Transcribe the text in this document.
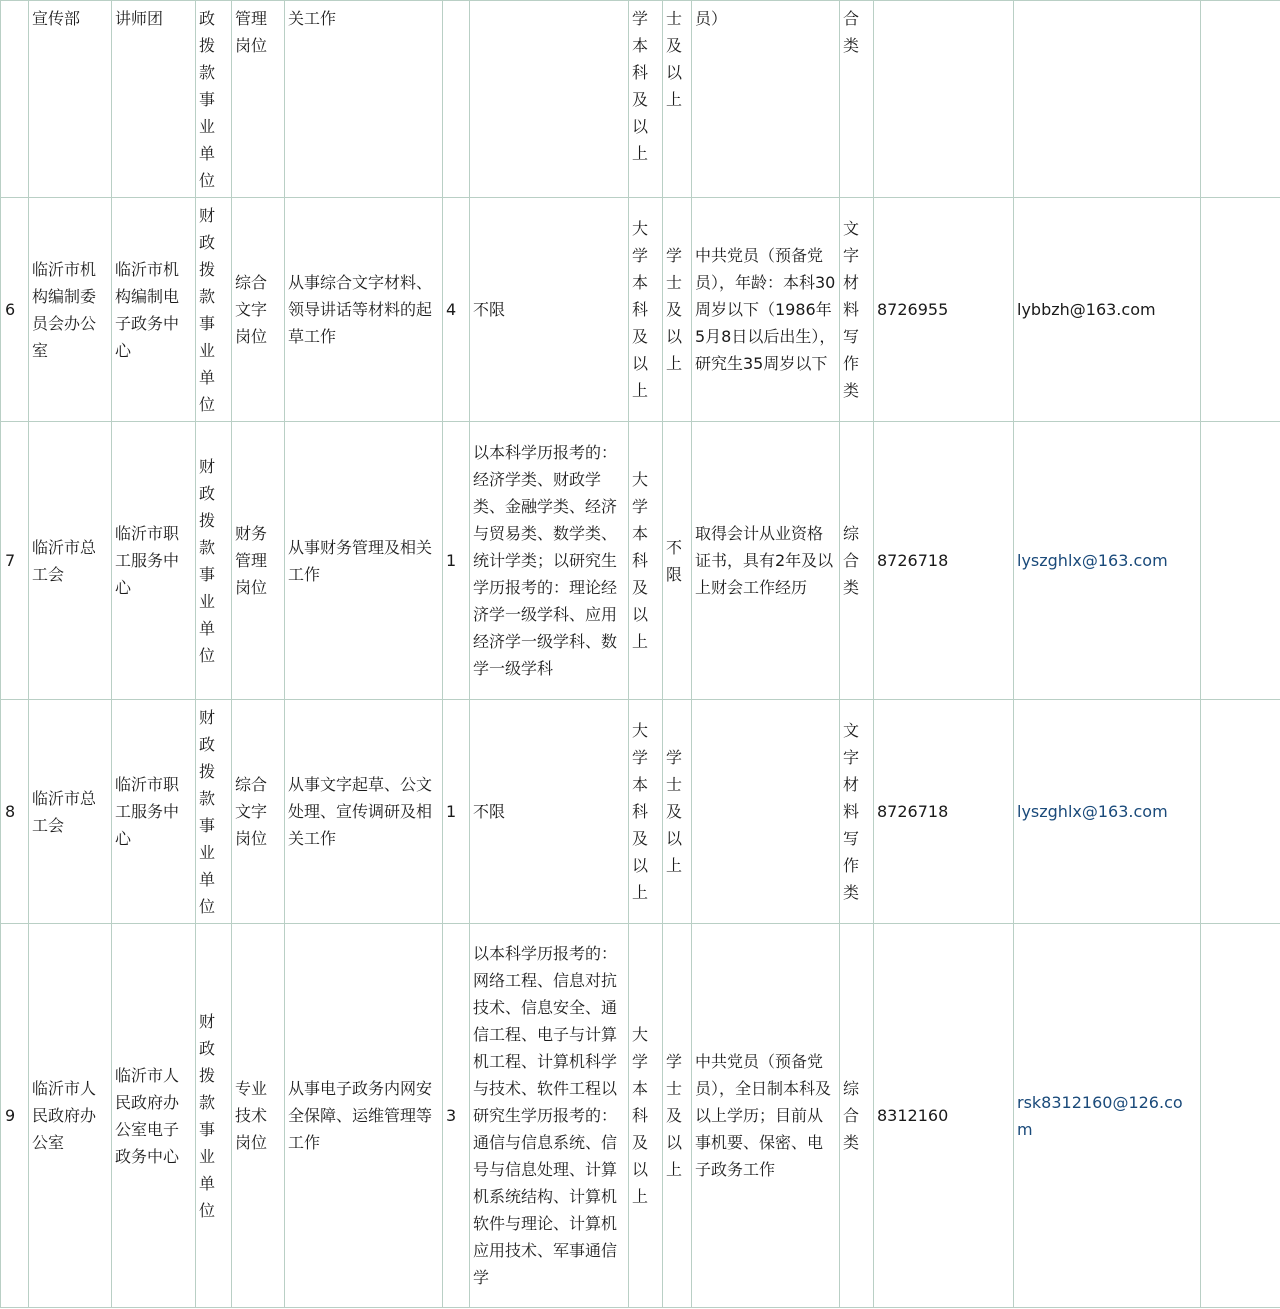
	宣传部	讲师团	政拨款事业单位	管理岗位	关工作			学本科及以上	士及以上	员）	合类			
6	临沂市机构编制委员会办公室	临沂市机构编制电子政务中心	财政拨款事业单位	综合文字岗位	从事综合文字材料、领导讲话等材料的起草工作	4	不限	大学本科及以上	学士及以上	中共党员（预备党员），年龄：本科30周岁以下（1986年5月8日以后出生），研究生35周岁以下	文字材料写作类	8726955	lybbzh@163.com	
7	临沂市总工会	临沂市职工服务中心	财政拨款事业单位	财务管理岗位	从事财务管理及相关工作	1	以本科学历报考的：经济学类、财政学类、金融学类、经济与贸易类、数学类、统计学类；以研究生学历报考的：理论经济学一级学科、应用经济学一级学科、数学一级学科	大学本科及以上	不限	取得会计从业资格证书，具有2年及以上财会工作经历	综合类	8726718	lyszghlx@163.com	
8	临沂市总工会	临沂市职工服务中心	财政拨款事业单位	综合文字岗位	从事文字起草、公文处理、宣传调研及相关工作	1	不限	大学本科及以上	学士及以上		文字材料写作类	8726718	lyszghlx@163.com	
9	临沂市人民政府办公室	临沂市人民政府办公室电子政务中心	财政拨款事业单位	专业技术岗位	从事电子政务内网安全保障、运维管理等工作	3	以本科学历报考的：网络工程、信息对抗技术、信息安全、通信工程、电子与计算机工程、计算机科学与技术、软件工程以研究生学历报考的：通信与信息系统、信号与信息处理、计算机系统结构、计算机软件与理论、计算机应用技术、军事通信学	大学本科及以上	学士及以上	中共党员（预备党员），全日制本科及以上学历；目前从事机要、保密、电子政务工作	综合类	8312160	rsk8312160@126.com	
